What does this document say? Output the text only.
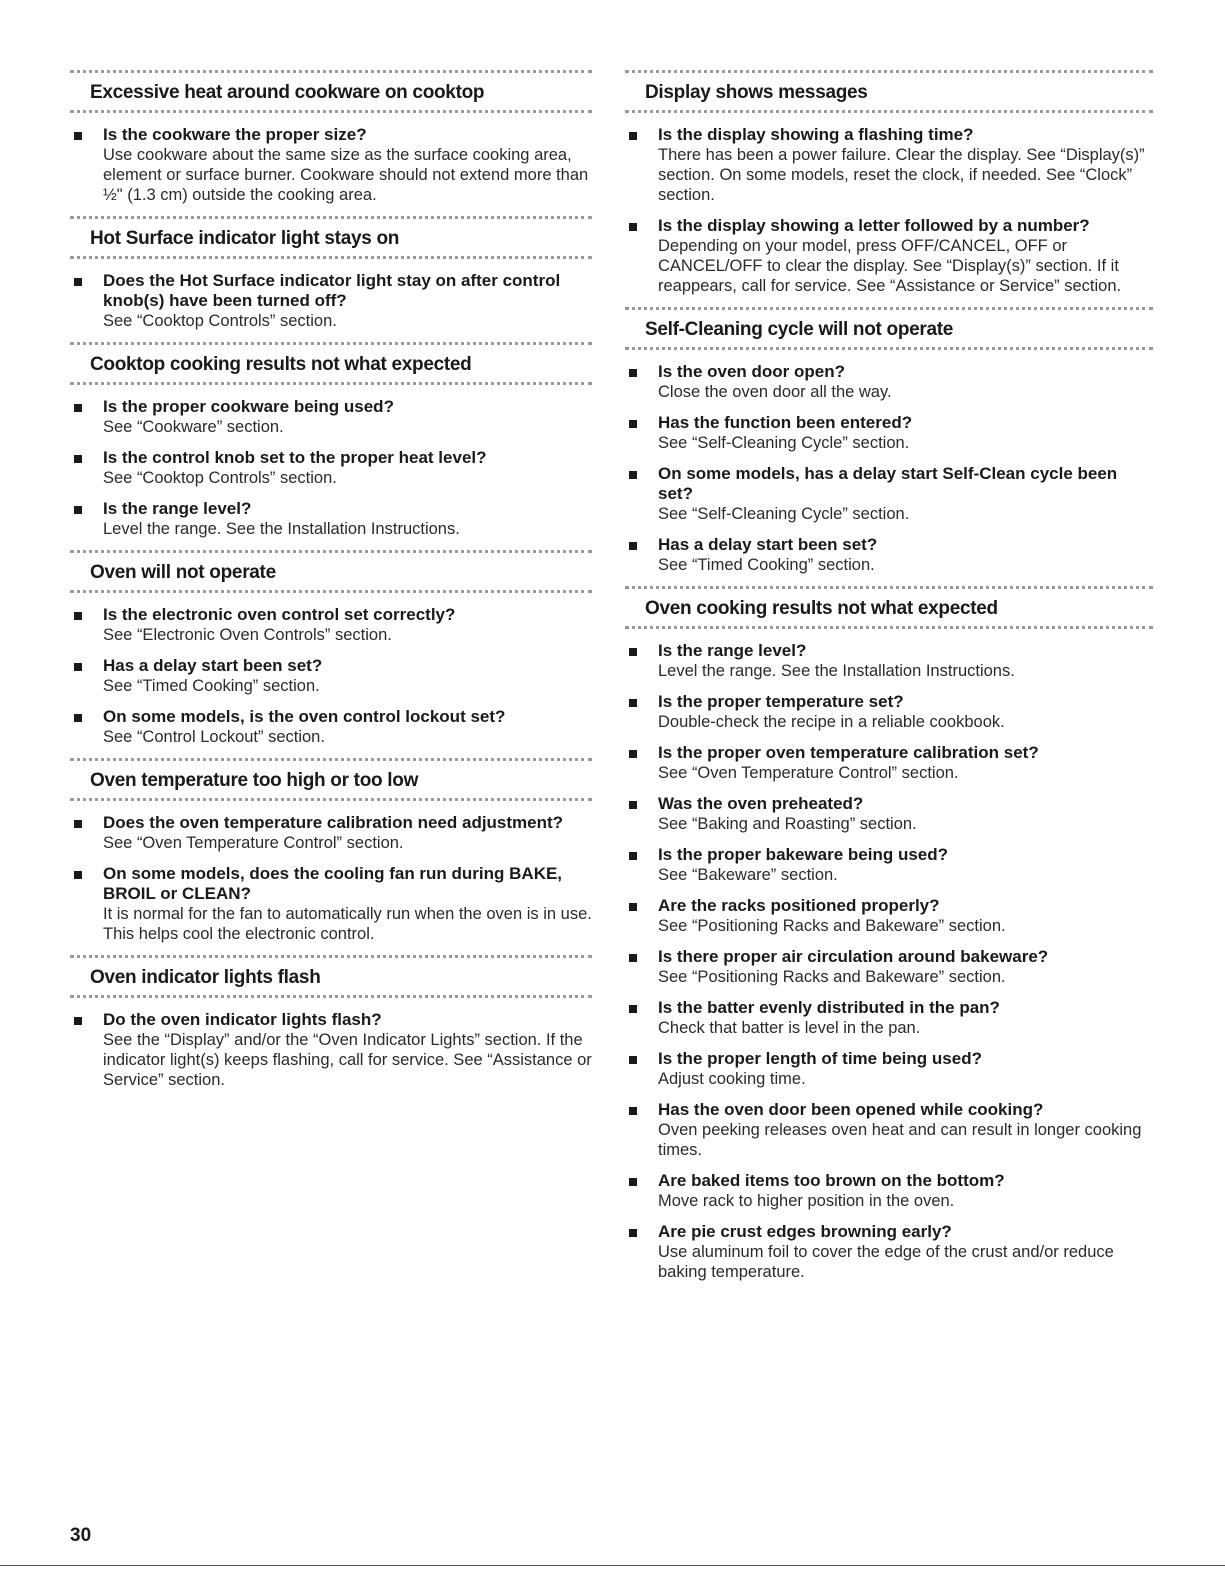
Excessive heat around cookware on cooktop
Is the cookware the proper size?
Use cookware about the same size as the surface cooking area, element or surface burner. Cookware should not extend more than ½" (1.3 cm) outside the cooking area.
Hot Surface indicator light stays on
Does the Hot Surface indicator light stay on after control knob(s) have been turned off?
See “Cooktop Controls” section.
Cooktop cooking results not what expected
Is the proper cookware being used?
See “Cookware” section.
Is the control knob set to the proper heat level?
See “Cooktop Controls” section.
Is the range level?
Level the range. See the Installation Instructions.
Oven will not operate
Is the electronic oven control set correctly?
See “Electronic Oven Controls” section.
Has a delay start been set?
See “Timed Cooking” section.
On some models, is the oven control lockout set?
See “Control Lockout” section.
Oven temperature too high or too low
Does the oven temperature calibration need adjustment?
See “Oven Temperature Control” section.
On some models, does the cooling fan run during BAKE, BROIL or CLEAN?
It is normal for the fan to automatically run when the oven is in use. This helps cool the electronic control.
Oven indicator lights flash
Do the oven indicator lights flash?
See the “Display” and/or the “Oven Indicator Lights” section. If the indicator light(s) keeps flashing, call for service. See “Assistance or Service” section.
Display shows messages
Is the display showing a flashing time?
There has been a power failure. Clear the display. See “Display(s)” section. On some models, reset the clock, if needed. See “Clock” section.
Is the display showing a letter followed by a number?
Depending on your model, press OFF/CANCEL, OFF or CANCEL/OFF to clear the display. See “Display(s)” section. If it reappears, call for service. See “Assistance or Service” section.
Self-Cleaning cycle will not operate
Is the oven door open?
Close the oven door all the way.
Has the function been entered?
See “Self-Cleaning Cycle” section.
On some models, has a delay start Self-Clean cycle been set?
See “Self-Cleaning Cycle” section.
Has a delay start been set?
See “Timed Cooking” section.
Oven cooking results not what expected
Is the range level?
Level the range. See the Installation Instructions.
Is the proper temperature set?
Double-check the recipe in a reliable cookbook.
Is the proper oven temperature calibration set?
See “Oven Temperature Control” section.
Was the oven preheated?
See “Baking and Roasting” section.
Is the proper bakeware being used?
See “Bakeware” section.
Are the racks positioned properly?
See “Positioning Racks and Bakeware” section.
Is there proper air circulation around bakeware?
See “Positioning Racks and Bakeware” section.
Is the batter evenly distributed in the pan?
Check that batter is level in the pan.
Is the proper length of time being used?
Adjust cooking time.
Has the oven door been opened while cooking?
Oven peeking releases oven heat and can result in longer cooking times.
Are baked items too brown on the bottom?
Move rack to higher position in the oven.
Are pie crust edges browning early?
Use aluminum foil to cover the edge of the crust and/or reduce baking temperature.
30
